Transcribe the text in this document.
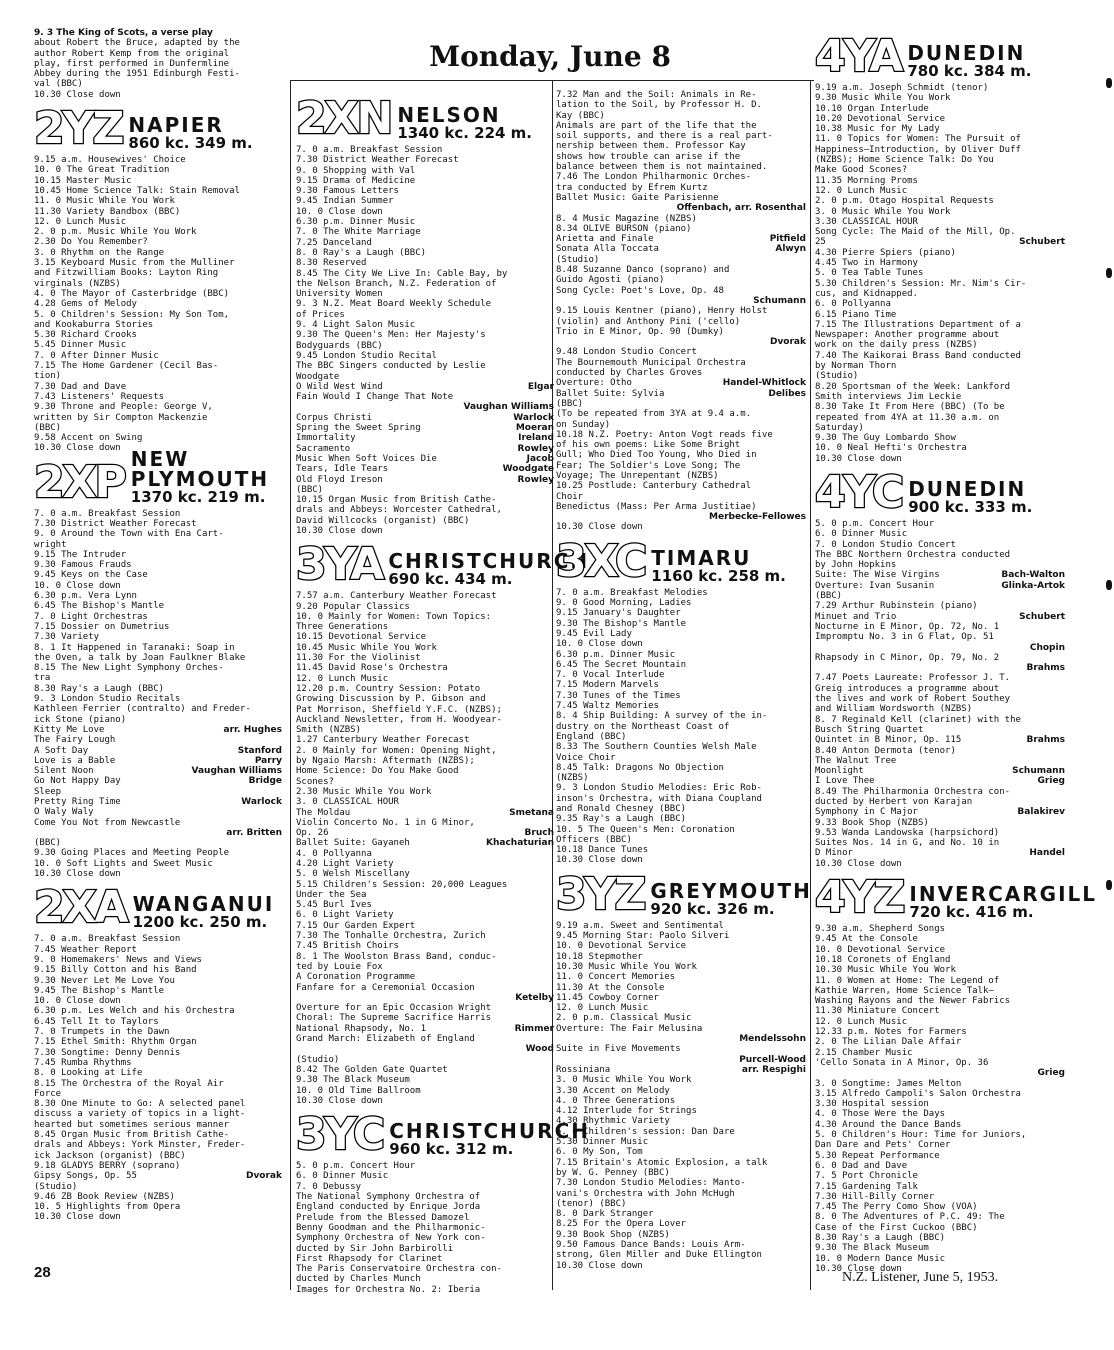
Monday, June 8
9. 3 The King of Scots, a verse play
about Robert the Bruce, adapted by the
author Robert Kemp from the original
play, first performed in Dunfermline
Abbey during the 1951 Edinburgh Festi-
val (BBC)
10.30 Close down
2YZ NAPIER
860 kc. 349 m.
9.15 a.m. Housewives' Choice
10. 0 The Great Tradition
10.15 Master Music
10.45 Home Science Talk: Stain Removal
11. 0 Music While You Work
11.30 Variety Bandbox (BBC)
12. 0 Lunch Music
2. 0 p.m. Music While You Work
2.30 Do You Remember?
3. 0 Rhythm on the Range
3.15 Keyboard Music from the Mulliner
and Fitzwilliam Books: Layton Ring
virginals (NZBS)
4. 0 The Mayor of Casterbridge (BBC)
4.28 Gems of Melody
5. 0 Children's Session: My Son Tom,
and Kookaburra Stories
5.30 Richard Crooks
5.45 Dinner Music
7. 0 After Dinner Music
7.15 The Home Gardener (Cecil Bas-
tion)
7.30 Dad and Dave
7.43 Listeners' Requests
9.30 Throne and People: George V,
written by Sir Compton Mackenzie
(BBC)
9.58 Accent on Swing
10.30 Close down
2XP NEW PLYMOUTH
1370 kc. 219 m.
7. 0 a.m. Breakfast Session
7.30 District Weather Forecast
9. 0 Around the Town with Ena Cart-
wright
9.15 The Intruder
9.30 Famous Frauds
9.45 Keys on the Case
10. 0 Close down
6.30 p.m. Vera Lynn
6.45 The Bishop's Mantle
7. 0 Light Orchestras
7.15 Dossier on Dumetrius
7.30 Variety
8. 1 It Happened in Taranaki: Soap in
the Oven, a talk by Joan Faulkner Blake
8.15 The New Light Symphony Orches-
tra
8.30 Ray's a Laugh (BBC)
9. 3 London Studio Recitals
Kathleen Ferrier (contralto) and Freder-
ick Stone (piano)
arr. Hughes
Kitty Me Love
The Fairy Lough
Stanford
A Soft Day
Parry
Love is a Bable
Vaughan Williams
Silent Noon
Bridge
Go Not Happy Day
Sleep
Warlock
Pretty Ring Time
O Waly Waly
Come You Not from Newcastle
arr. Britten
(BBC)
9.30 Going Places and Meeting People
10. 0 Soft Lights and Sweet Music
10.30 Close down
2XA WANGANUI
1200 kc. 250 m.
7. 0 a.m. Breakfast Session
7.45 Weather Report
9. 0 Homemakers' News and Views
9.15 Billy Cotton and his Band
9.30 Never Let Me Love You
9.45 The Bishop's Mantle
10. 0 Close down
6.30 p.m. Les Welch and his Orchestra
6.45 Tell It to Taylors
7. 0 Trumpets in the Dawn
7.15 Ethel Smith: Rhythm Organ
7.30 Songtime: Denny Dennis
7.45 Rumba Rhythms
8. 0 Looking at Life
8.15 The Orchestra of the Royal Air
Force
8.30 One Minute to Go: A selected panel
discuss a variety of topics in a light-
hearted but sometimes serious manner
8.45 Organ Music from British Cathe-
drals and Abbeys: York Minster, Freder-
ick Jackson (organist) (BBC)
9.18 GLADYS BERRY (soprano)
Dvorak
Gipsy Songs, Op. 55
(Studio)
9.46 ZB Book Review (NZBS)
10. 5 Highlights from Opera
10.30 Close down
2XN NELSON
1340 kc. 224 m.
7. 0 a.m. Breakfast Session
7.30 District Weather Forecast
9. 0 Shopping with Val
9.15 Drama of Medicine
9.30 Famous Letters
9.45 Indian Summer
10. 0 Close down
6.30 p.m. Dinner Music
7. 0 The White Marriage
7.25 Danceland
8. 0 Ray's a Laugh (BBC)
8.30 Reserved
8.45 The City We Live In: Cable Bay, by
the Nelson Branch, N.Z. Federation of
University Women
9. 3 N.Z. Meat Board Weekly Schedule
of Prices
9. 4 Light Salon Music
9.30 The Queen's Men: Her Majesty's
Bodyguards (BBC)
9.45 London Studio Recital
The BBC Singers conducted by Leslie
Woodgate
Elgar
O Wild West Wind
Fain Would I Change That Note
Vaughan Williams
Warlock
Corpus Christi
Moeran
Spring the Sweet Spring
Ireland
Immortality
Rowley
Sacramento
Jacob
Music When Soft Voices Die
Woodgate
Tears, Idle Tears
Rowley
Old Floyd Ireson
(BBC)
10.15 Organ Music from British Cathe-
drals and Abbeys: Worcester Cathedral,
David Willcocks (organist) (BBC)
10.30 Close down
3YA CHRISTCHURCH
690 kc. 434 m.
7.57 a.m. Canterbury Weather Forecast
9.20 Popular Classics
10. 0 Mainly for Women: Town Topics:
Three Generations
10.15 Devotional Service
10.45 Music While You Work
11.30 For the Violinist
11.45 David Rose's Orchestra
12. 0 Lunch Music
12.20 p.m. Country Session: Potato
Growing Discussion by P. Gibson and
Pat Morrison, Sheffield Y.F.C. (NZBS);
Auckland Newsletter, from H. Woodyear-
Smith (NZBS)
1.27 Canterbury Weather Forecast
2. 0 Mainly for Women: Opening Night,
by Ngaio Marsh: Aftermath (NZBS);
Home Science: Do You Make Good
Scones?
2.30 Music While You Work
3. 0 CLASSICAL HOUR
Smetana
The Moldau
Violin Concerto No. 1 in G Minor,
Bruch
Op. 26
Khachaturian
Ballet Suite: Gayaneh
4. 0 Pollyanna
4.20 Light Variety
5. 0 Welsh Miscellany
5.15 Children's Session: 20,000 Leagues
Under the Sea
5.45 Burl Ives
6. 0 Light Variety
7.15 Our Garden Expert
7.30 The Tonhalle Orchestra, Zurich
7.45 British Choirs
8. 1 The Woolston Brass Band, conduc-
ted by Louie Fox
A Coronation Programme
Fanfare for a Ceremonial Occasion
Ketelby
Overture for an Epic Occasion Wright
Choral: The Supreme Sacrifice Harris
Rimmer
National Rhapsody, No. 1
Grand March: Elizabeth of England
Wood
(Studio)
8.42 The Golden Gate Quartet
9.30 The Black Museum
10. 0 Old Time Ballroom
10.30 Close down
3YC CHRISTCHURCH
960 kc. 312 m.
5. 0 p.m. Concert Hour
6. 0 Dinner Music
7. 0 Debussy
The National Symphony Orchestra of
England conducted by Enrique Jorda
Prelude from the Blessed Damozel
Benny Goodman and the Philharmonic-
Symphony Orchestra of New York con-
ducted by Sir John Barbirolli
First Rhapsody for Clarinet
The Paris Conservatoire Orchestra con-
ducted by Charles Munch
Images for Orchestra No. 2: Iberia
7.32 Man and the Soil: Animals in Re-
lation to the Soil, by Professor H. D.
Kay (BBC)
Animals are part of the life that the
soil supports, and there is a real part-
nership between them. Professor Kay
shows how trouble can arise if the
balance between them is not maintained.
7.46 The London Philharmonic Orches-
tra conducted by Efrem Kurtz
Ballet Music: Gaite Parisienne
Offenbach, arr. Rosenthal
8. 4 Music Magazine (NZBS)
8.34 OLIVE BURSON (piano)
Pitfield
Arietta and Finale
Alwyn
Sonata Alla Toccata
(Studio)
8.48 Suzanne Danco (soprano) and
Guido Agosti (piano)
Song Cycle: Poet's Love, Op. 48
Schumann
9.15 Louis Kentner (piano), Henry Holst
(violin) and Anthony Pini ('cello)
Trio in E Minor, Op. 90 (Dumky)
Dvorak
9.48 London Studio Concert
The Bournemouth Municipal Orchestra
conducted by Charles Groves
Handel-Whitlock
Overture: Otho
Delibes
Ballet Suite: Sylvia
(BBC)
(To be repeated from 3YA at 9.4 a.m.
on Sunday)
10.18 N.Z. Poetry: Anton Vogt reads five
of his own poems: Like Some Bright
Gull; Who Died Too Young, Who Died in
Fear; The Soldier's Love Song; The
Voyage; The Unrepentant (NZBS)
10.25 Postlude: Canterbury Cathedral
Choir
Benedictus (Mass: Per Arma Justitiae)
Merbecke-Fellowes
10.30 Close down
3XC TIMARU
1160 kc. 258 m.
7. 0 a.m. Breakfast Melodies
9. 0 Good Morning, Ladies
9.15 January's Daughter
9.30 The Bishop's Mantle
9.45 Evil Lady
10. 0 Close down
6.30 p.m. Dinner Music
6.45 The Secret Mountain
7. 0 Vocal Interlude
7.15 Modern Marvels
7.30 Tunes of the Times
7.45 Waltz Memories
8. 4 Ship Building: A survey of the in-
dustry on the Northeast Coast of
England (BBC)
8.33 The Southern Counties Welsh Male
Voice Choir
8.45 Talk: Dragons No Objection
(NZBS)
9. 3 London Studio Melodies: Eric Rob-
inson's Orchestra, with Diana Coupland
and Ronald Chesney (BBC)
9.35 Ray's a Laugh (BBC)
10. 5 The Queen's Men: Coronation
Officers (BBC)
10.18 Dance Tunes
10.30 Close down
3YZ GREYMOUTH
920 kc. 326 m.
9.19 a.m. Sweet and Sentimental
9.45 Morning Star: Paolo Silveri
10. 0 Devotional Service
10.18 Stepmother
10.30 Music While You Work
11. 0 Concert Memories
11.30 At the Console
11.45 Cowboy Corner
12. 0 Lunch Music
2. 0 p.m. Classical Music
Overture: The Fair Melusina
Mendelssohn
Suite in Five Movements
Purcell-Wood
arr. Respighi
Rossiniana
3. 0 Music While You Work
3.30 Accent on Melody
4. 0 Three Generations
4.12 Interlude for Strings
4.30 Rhythmic Variety
5. 0 Children's session: Dan Dare
5.30 Dinner Music
6. 0 My Son, Tom
7.15 Britain's Atomic Explosion, a talk
by W. G. Penney (BBC)
7.30 London Studio Melodies: Manto-
vani's Orchestra with John McHugh
(tenor) (BBC)
8. 0 Dark Stranger
8.25 For the Opera Lover
9.30 Book Shop (NZBS)
9.50 Famous Dance Bands: Louis Arm-
strong, Glen Miller and Duke Ellington
10.30 Close down
4YA DUNEDIN
780 kc. 384 m.
9.19 a.m. Joseph Schmidt (tenor)
9.30 Music While You Work
10.10 Organ Interlude
10.20 Devotional Service
10.38 Music for My Lady
11. 0 Topics for Women: The Pursuit of
Happiness—Introduction, by Oliver Duff
(NZBS); Home Science Talk: Do You
Make Good Scones?
11.35 Morning Proms
12. 0 Lunch Music
2. 0 p.m. Otago Hospital Requests
3. 0 Music While You Work
3.30 CLASSICAL HOUR
Song Cycle: The Maid of the Mill, Op.
Schubert
25
4.30 Pierre Spiers (piano)
4.45 Two in Harmony
5. 0 Tea Table Tunes
5.30 Children's Session: Mr. Nim's Cir-
cus, and Kidnapped.
6. 0 Pollyanna
6.15 Piano Time
7.15 The Illustrations Department of a
Newspaper: Another programme about
work on the daily press (NZBS)
7.40 The Kaikorai Brass Band conducted
by Norman Thorn
(Studio)
8.20 Sportsman of the Week: Lankford
Smith interviews Jim Leckie
8.30 Take It From Here (BBC) (To be
repeated from 4YA at 11.30 a.m. on
Saturday)
9.30 The Guy Lombardo Show
10. 0 Neal Hefti's Orchestra
10.30 Close down
4YC DUNEDIN
900 kc. 333 m.
5. 0 p.m. Concert Hour
6. 0 Dinner Music
7. 0 London Studio Concert
The BBC Northern Orchestra conducted
by John Hopkins
Bach-Walton
Suite: The Wise Virgins
Glinka-Artok
Overture: Ivan Susanin
(BBC)
7.29 Arthur Rubinstein (piano)
Schubert
Minuet and Trio
Nocturne in E Minor, Op. 72, No. 1
Impromptu No. 3 in G Flat, Op. 51
Chopin
Rhapsody in C Minor, Op. 79, No. 2
Brahms
7.47 Poets Laureate: Professor J. T.
Greig introduces a programme about
the lives and work of Robert Southey
and William Wordsworth (NZBS)
8. 7 Reginald Kell (clarinet) with the
Busch String Quartet
Brahms
Quintet in B Minor, Op. 115
8.40 Anton Dermota (tenor)
The Walnut Tree
Schumann
Moonlight
Grieg
I Love Thee
8.49 The Philharmonia Orchestra con-
ducted by Herbert von Karajan
Balakirev
Symphony in C Major
9.33 Book Shop (NZBS)
9.53 Wanda Landowska (harpsichord)
Suites Nos. 14 in G, and No. 10 in
Handel
D Minor
10.30 Close down
4YZ INVERCARGILL
720 kc. 416 m.
9.30 a.m. Shepherd Songs
9.45 At the Console
10. 0 Devotional Service
10.18 Coronets of England
10.30 Music While You Work
11. 0 Women at Home: The Legend of
Kathie Warren, Home Science Talk—
Washing Rayons and the Newer Fabrics
11.30 Miniature Concert
12. 0 Lunch Music
12.33 p.m. Notes for Farmers
2. 0 The Lilian Dale Affair
2.15 Chamber Music
'Cello Sonata in A Minor, Op. 36
Grieg
3. 0 Songtime: James Melton
3.15 Alfredo Campoli's Salon Orchestra
3.30 Hospital session
4. 0 Those Were the Days
4.30 Around the Dance Bands
5. 0 Children's Hour: Time for Juniors,
Dan Dare and Pets' Corner
5.30 Repeat Performance
6. 0 Dad and Dave
7. 5 Port Chronicle
7.15 Gardening Talk
7.30 Hill-Billy Corner
7.45 The Perry Como Show (VOA)
8. 0 The Adventures of P.C. 49: The
Case of the First Cuckoo (BBC)
8.30 Ray's a Laugh (BBC)
9.30 The Black Museum
10. 0 Modern Dance Music
10.30 Close down
28	N.Z. Listener, June 5, 1953.
